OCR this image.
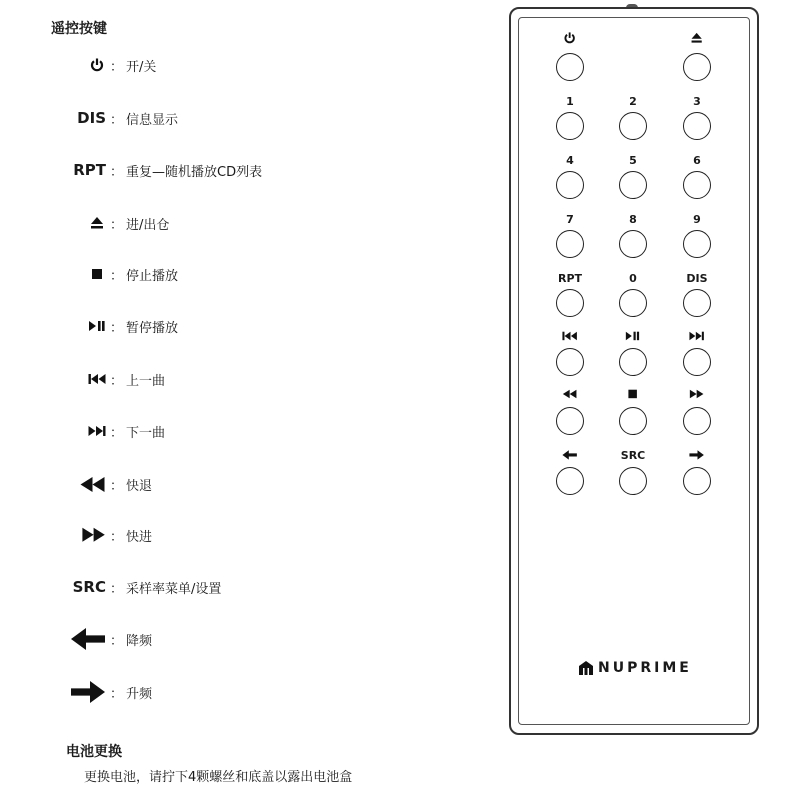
遥控按键
： 开/关
DIS ： 信息显示
RPT ： 重复—随机播放CD列表
： 进/出仓
： 停止播放
： 暂停播放
： 上一曲
： 下一曲
： 快退
： 快进
SRC ： 采样率菜单/设置
： 降频
： 升频
电池更换
更换电池，请拧下4颗螺丝和底盖以露出电池盒
1	2	3
4	5	6
7	8	9
RPT	0	DIS
SRC
NUPRIME
